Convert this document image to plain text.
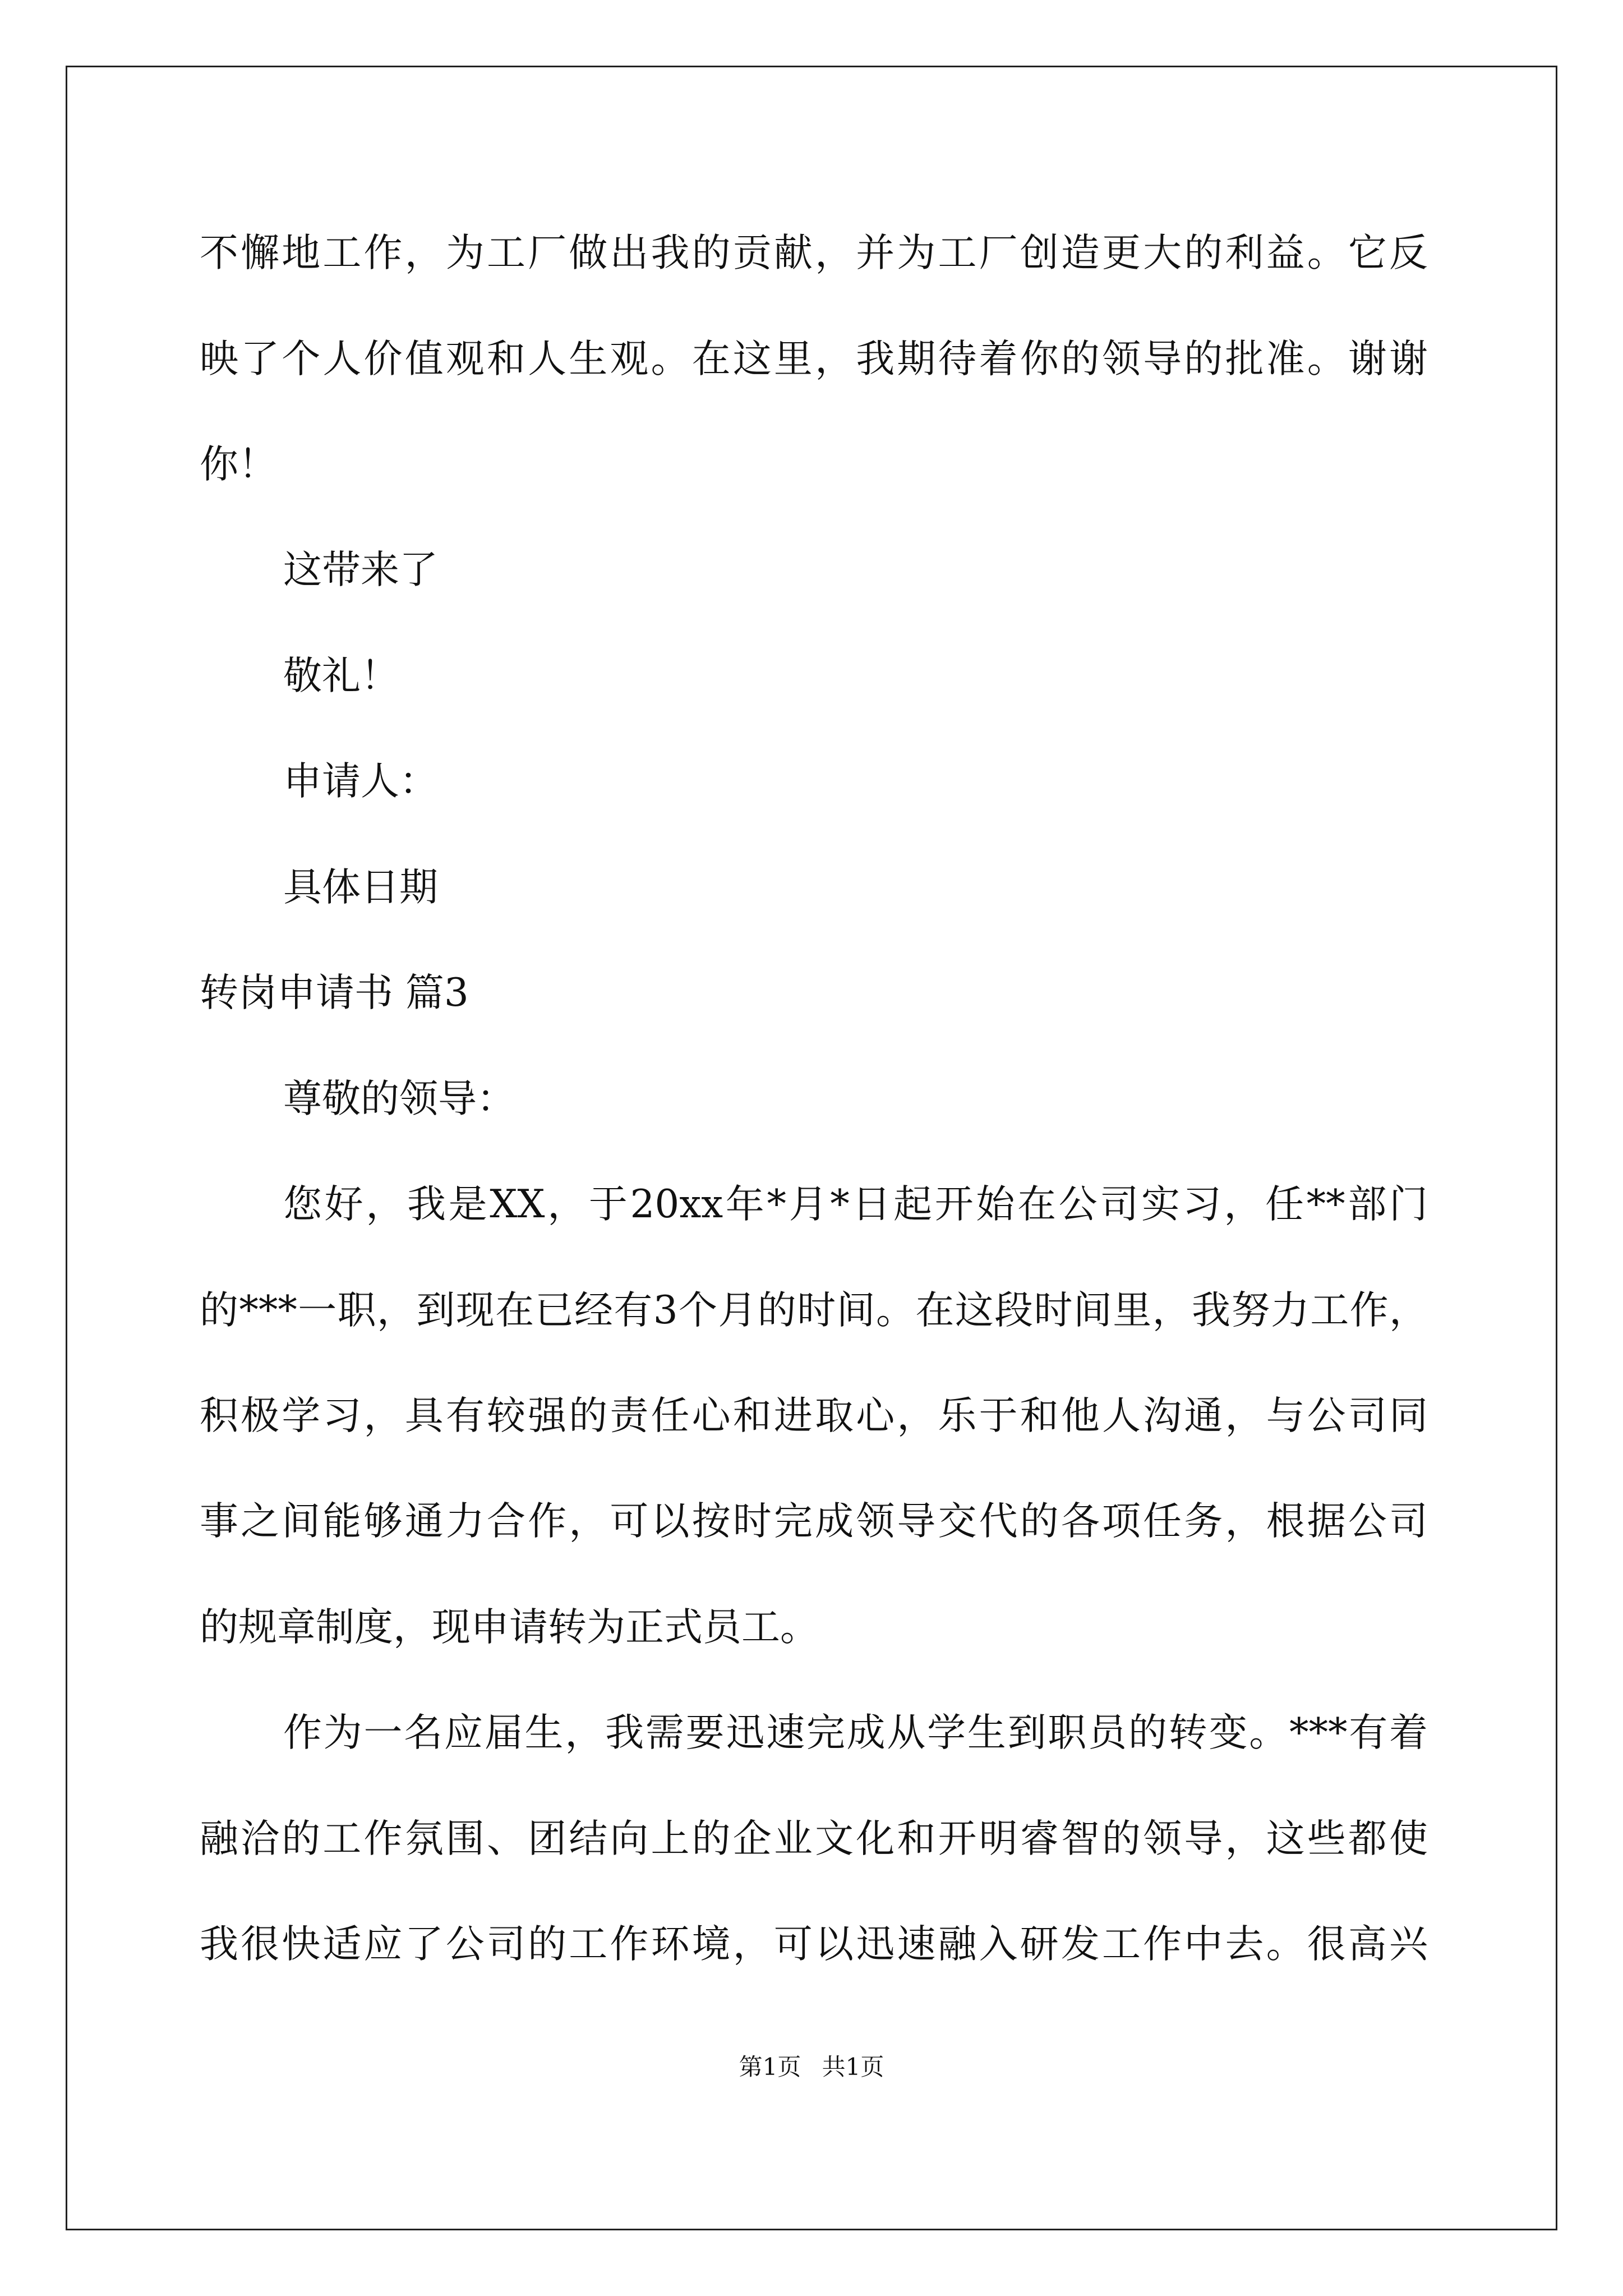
不懈地工作，为工厂做出我的贡献，并为工厂创造更大的利益。它反
映了个人价值观和人生观。在这里，我期待着你的领导的批准。谢谢
你！
这带来了
敬礼！
申请人：
具体日期
转岗申请书 篇3
尊敬的领导：
您好，我是XX，于20xx年*月*日起开始在公司实习，任**部门
的***一职，到现在已经有3个月的时间。在这段时间里，我努力工作，
积极学习，具有较强的责任心和进取心，乐于和他人沟通，与公司同
事之间能够通力合作，可以按时完成领导交代的各项任务，根据公司
的规章制度，现申请转为正式员工。
作为一名应届生，我需要迅速完成从学生到职员的转变。***有着
融洽的工作氛围、团结向上的企业文化和开明睿智的领导，这些都使
我很快适应了公司的工作环境，可以迅速融入研发工作中去。很高兴
第1页 共1页
